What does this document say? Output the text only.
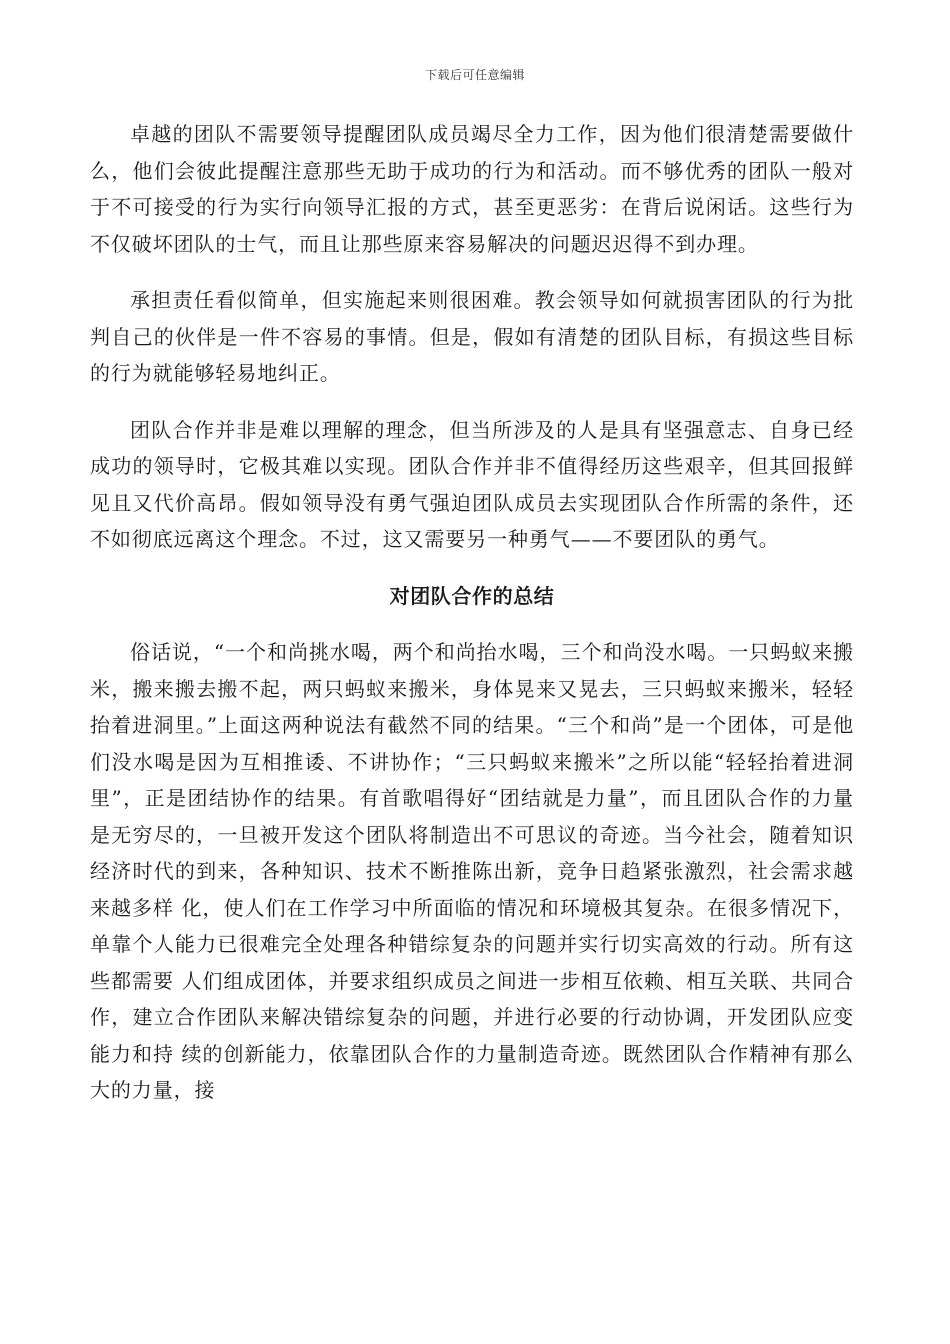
下载后可任意编辑

卓越的团队不需要领导提醒团队成员竭尽全力工作，因为他们很清楚需要做什么，他们会彼此提醒注意那些无助于成功的行为和活动。而不够优秀的团队一般对于不可接受的行为实行向领导汇报的方式，甚至更恶劣：在背后说闲话。这些行为不仅破坏团队的士气，而且让那些原来容易解决的问题迟迟得不到办理。

承担责任看似简单，但实施起来则很困难。教会领导如何就损害团队的行为批判自己的伙伴是一件不容易的事情。但是，假如有清楚的团队目标，有损这些目标的行为就能够轻易地纠正。

团队合作并非是难以理解的理念，但当所涉及的人是具有坚强意志、自身已经成功的领导时，它极其难以实现。团队合作并非不值得经历这些艰辛，但其回报鲜见且又代价高昂。假如领导没有勇气强迫团队成员去实现团队合作所需的条件，还不如彻底远离这个理念。不过，这又需要另一种勇气——不要团队的勇气。

对团队合作的总结

俗话说，“一个和尚挑水喝，两个和尚抬水喝，三个和尚没水喝。一只蚂蚁来搬米，搬来搬去搬不起，两只蚂蚁来搬米，身体晃来又晃去，三只蚂蚁来搬米，轻轻抬着进洞里。”上面这两种说法有截然不同的结果。“三个和尚”是一个团体，可是他们没水喝是因为互相推诿、不讲协作；“三只蚂蚁来搬米”之所以能“轻轻抬着进洞里”，正是团结协作的结果。有首歌唱得好“团结就是力量”，而且团队合作的力量是无穷尽的，一旦被开发这个团队将制造出不可思议的奇迹。当今社会，随着知识经济时代的到来，各种知识、技术不断推陈出新，竞争日趋紧张激烈，社会需求越来越多样 化，使人们在工作学习中所面临的情况和环境极其复杂。在很多情况下，单靠个人能力已很难完全处理各种错综复杂的问题并实行切实高效的行动。所有这些都需要 人们组成团体，并要求组织成员之间进一步相互依赖、相互关联、共同合作，建立合作团队来解决错综复杂的问题，并进行必要的行动协调，开发团队应变能力和持 续的创新能力，依靠团队合作的力量制造奇迹。既然团队合作精神有那么大的力量，接
